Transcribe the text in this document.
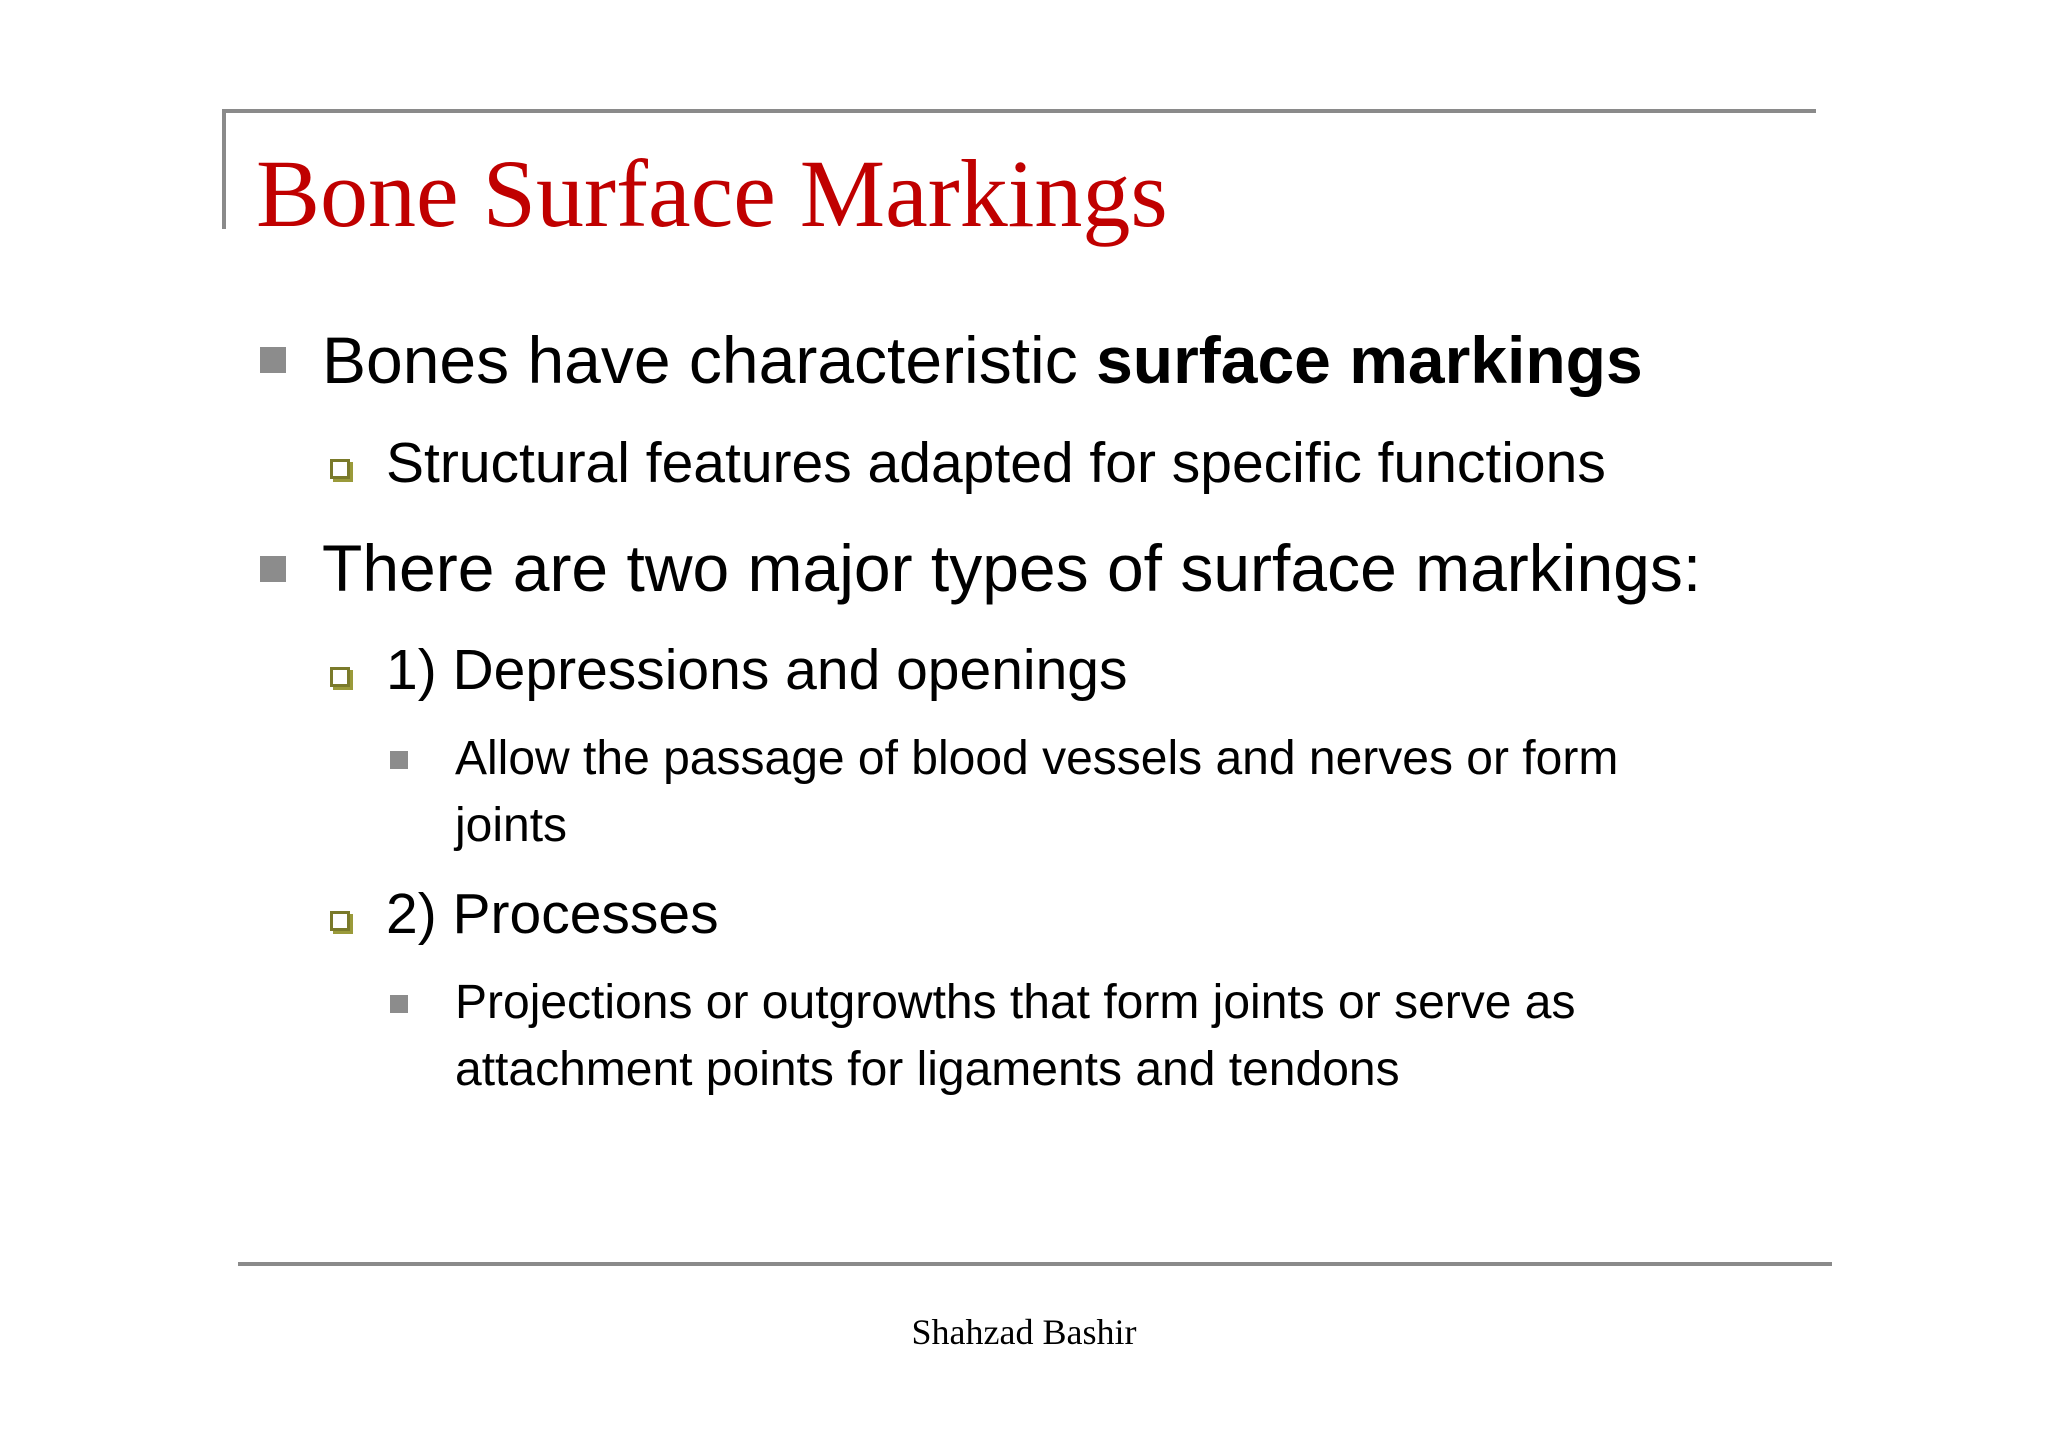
Bone Surface Markings
Bones have characteristic surface markings
Structural features adapted for specific functions
There are two major types of surface markings:
1) Depressions and openings
Allow the passage of blood vessels and nerves or form
joints
2) Processes
Projections or outgrowths that form joints or serve as
attachment points for ligaments and tendons
Shahzad Bashir
